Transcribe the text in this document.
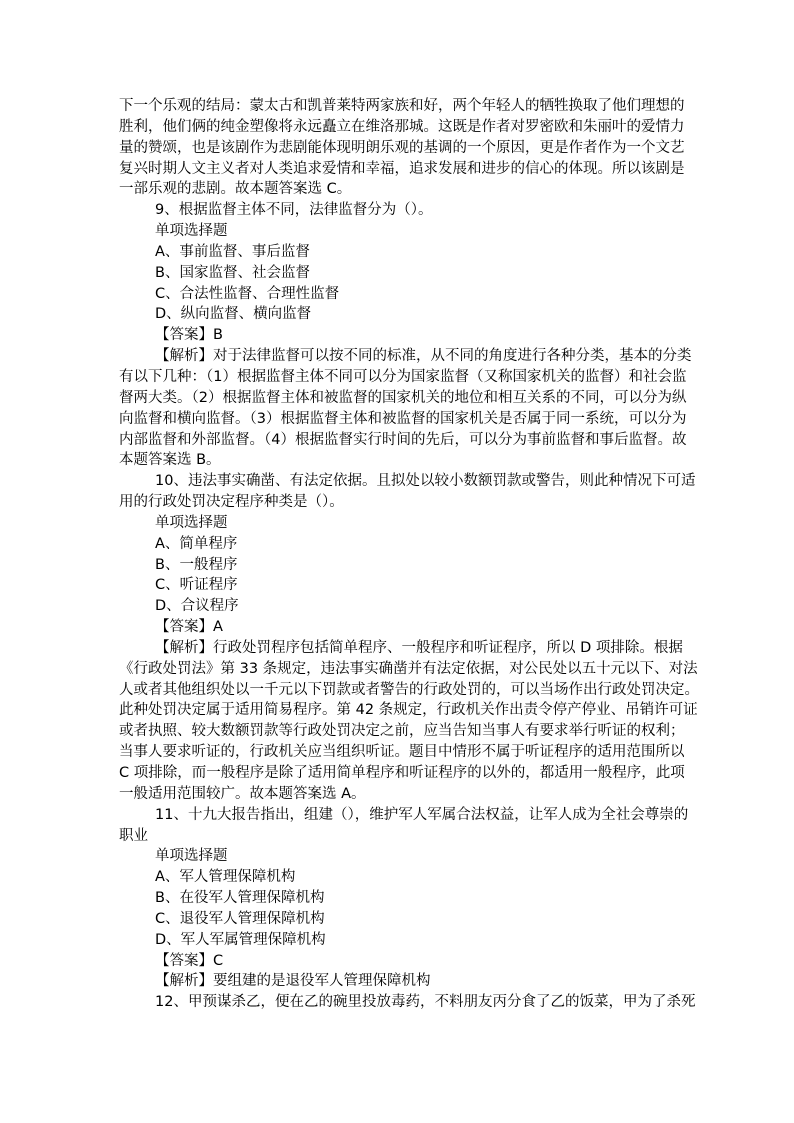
下一个乐观的结局：蒙太古和凯普莱特两家族和好，两个年轻人的牺牲换取了他们理想的
胜利，他们俩的纯金塑像将永远矗立在维洛那城。这既是作者对罗密欧和朱丽叶的爱情力
量的赞颂，也是该剧作为悲剧能体现明朗乐观的基调的一个原因，更是作者作为一个文艺
复兴时期人文主义者对人类追求爱情和幸福，追求发展和进步的信心的体现。所以该剧是
一部乐观的悲剧。故本题答案选 C。
9、根据监督主体不同，法律监督分为（）。
单项选择题
A、事前监督、事后监督
B、国家监督、社会监督
C、合法性监督、合理性监督
D、纵向监督、横向监督
【答案】B
【解析】对于法律监督可以按不同的标准，从不同的角度进行各种分类，基本的分类
有以下几种：（1）根据监督主体不同可以分为国家监督（又称国家机关的监督）和社会监
督两大类。（2）根据监督主体和被监督的国家机关的地位和相互关系的不同，可以分为纵
向监督和横向监督。（3）根据监督主体和被监督的国家机关是否属于同一系统，可以分为
内部监督和外部监督。（4）根据监督实行时间的先后，可以分为事前监督和事后监督。故
本题答案选 B。
10、违法事实确凿、有法定依据。且拟处以较小数额罚款或警告，则此种情况下可适
用的行政处罚决定程序种类是（）。
单项选择题
A、简单程序
B、一般程序
C、听证程序
D、合议程序
【答案】A
【解析】行政处罚程序包括简单程序、一般程序和听证程序，所以 D 项排除。根据
《行政处罚法》第 33 条规定，违法事实确凿并有法定依据，对公民处以五十元以下、对法
人或者其他组织处以一千元以下罚款或者警告的行政处罚的，可以当场作出行政处罚决定。
此种处罚决定属于适用简易程序。第 42 条规定，行政机关作出责令停产停业、吊销许可证
或者执照、较大数额罚款等行政处罚决定之前，应当告知当事人有要求举行听证的权利；
当事人要求听证的，行政机关应当组织听证。题目中情形不属于听证程序的适用范围所以
C 项排除，而一般程序是除了适用简单程序和听证程序的以外的，都适用一般程序，此项
一般适用范围较广。故本题答案选 A。
11、十九大报告指出，组建（），维护军人军属合法权益，让军人成为全社会尊崇的
职业
单项选择题
A、军人管理保障机构
B、在役军人管理保障机构
C、退役军人管理保障机构
D、军人军属管理保障机构
【答案】C
【解析】要组建的是退役军人管理保障机构
12、甲预谋杀乙，便在乙的碗里投放毒药，不料朋友丙分食了乙的饭菜，甲为了杀死
